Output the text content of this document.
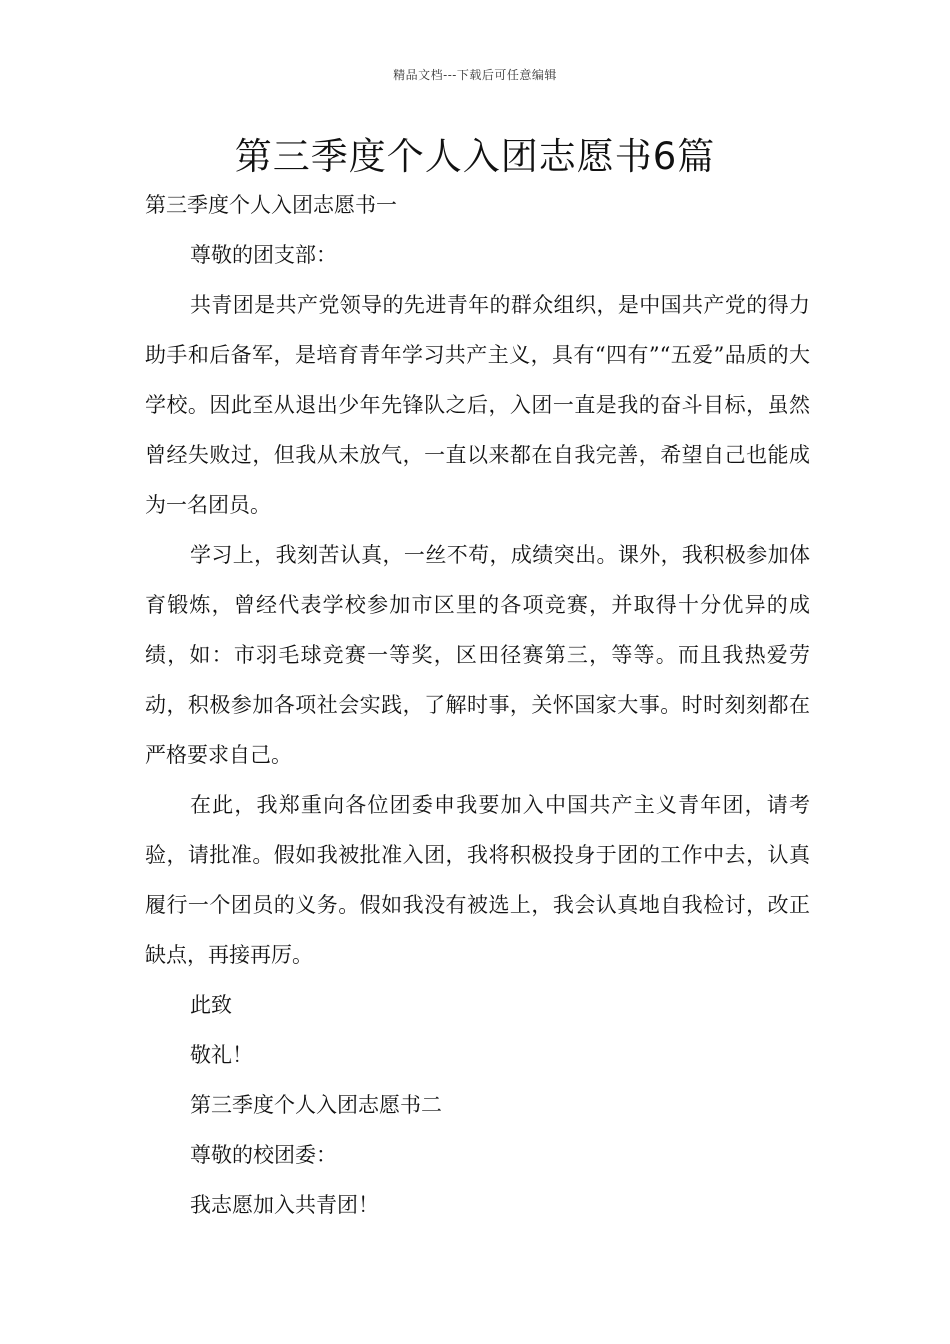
精品文档---下载后可任意编辑
第三季度个人入团志愿书6篇

第三季度个人入团志愿书一

尊敬的团支部：

共青团是共产党领导的先进青年的群众组织，是中国共产党的得力助手和后备军，是培育青年学习共产主义，具有“四有”“五爱”品质的大学校。因此至从退出少年先锋队之后，入团一直是我的奋斗目标，虽然曾经失败过，但我从未放气，一直以来都在自我完善，希望自己也能成为一名团员。

学习上，我刻苦认真，一丝不苟，成绩突出。课外，我积极参加体育锻炼，曾经代表学校参加市区里的各项竞赛，并取得十分优异的成绩，如：市羽毛球竞赛一等奖，区田径赛第三，等等。而且我热爱劳动，积极参加各项社会实践，了解时事，关怀国家大事。时时刻刻都在严格要求自己。

在此，我郑重向各位团委申我要加入中国共产主义青年团，请考验，请批准。假如我被批准入团，我将积极投身于团的工作中去，认真履行一个团员的义务。假如我没有被选上，我会认真地自我检讨，改正缺点，再接再厉。

此致

敬礼！

第三季度个人入团志愿书二

尊敬的校团委：

我志愿加入共青团！
